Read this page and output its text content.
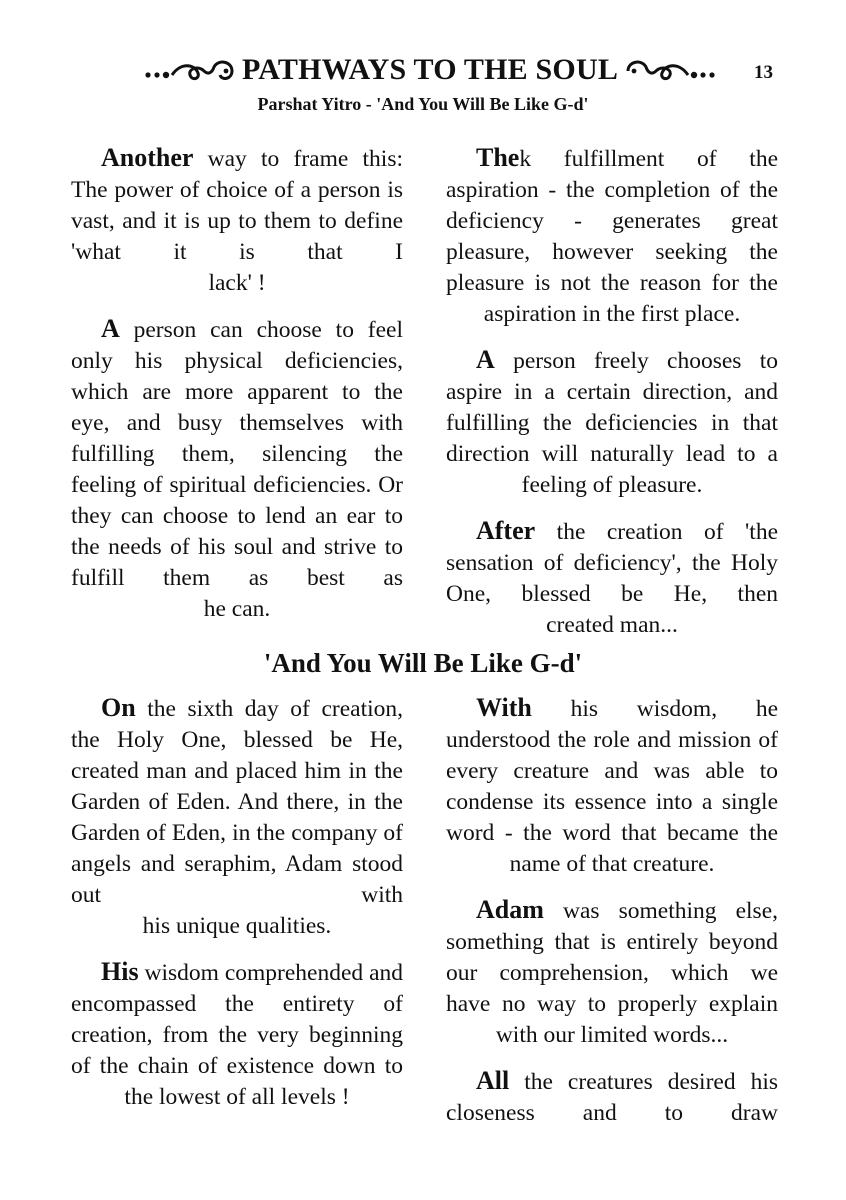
PATHWAYS TO THE SOUL	13
Parshat Yitro - 'And You Will Be Like G-d'

Another way to frame this: The power of choice of a person is vast, and it is up to them to define 'what it is that I
lack' !

A person can choose to feel only his physical deficiencies, which are more apparent to the eye, and busy themselves with fulfilling them, silencing the feeling of spiritual deficiencies. Or they can choose to lend an ear to the needs of his soul and strive to fulfill them as best as
he can.

Thek fulfillment of the aspiration - the completion of the deficiency - generates great pleasure, however seeking the pleasure is not the reason for the
aspiration in the first place.

A person freely chooses to aspire in a certain direction, and fulfilling the deficiencies in that direction will naturally lead to a
feeling of pleasure.

After the creation of 'the sensation of deficiency', the Holy One, blessed be He, then
created man...

'And You Will Be Like G-d'

On the sixth day of creation, the Holy One, blessed be He, created man and placed him in the Garden of Eden. And there, in the Garden of Eden, in the company of angels and seraphim, Adam stood out with
his unique qualities.

His wisdom comprehended and encompassed the entirety of creation, from the very beginning of the chain of existence down to
the lowest of all levels !

With his wisdom, he understood the role and mission of every creature and was able to condense its essence into a single word - the word that became the
name of that creature.

Adam was something else, something that is entirely beyond our comprehension, which we have no way to properly explain
with our limited words...

All the creatures desired his closeness and to draw
